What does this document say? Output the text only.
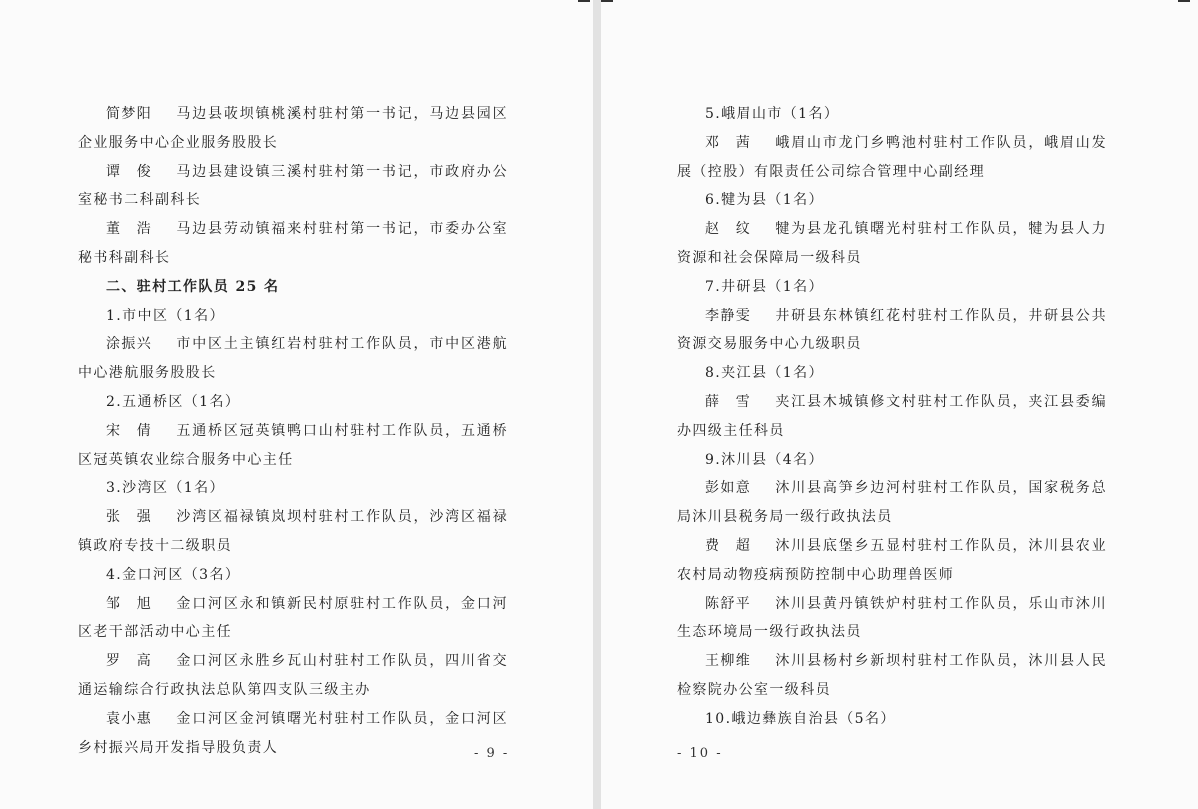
简梦阳 马边县荍坝镇桃溪村驻村第一书记，马边县园区企业服务中心企业服务股股长

谭　俊 马边县建设镇三溪村驻村第一书记，市政府办公室秘书二科副科长

董　浩 马边县劳动镇福来村驻村第一书记，市委办公室秘书科副科长

二、驻村工作队员 25 名

1.市中区（1名）

涂振兴 市中区土主镇红岩村驻村工作队员，市中区港航中心港航服务股股长

2.五通桥区（1名）

宋　倩 五通桥区冠英镇鸭口山村驻村工作队员，五通桥区冠英镇农业综合服务中心主任

3.沙湾区（1名）

张　强 沙湾区福禄镇岚坝村驻村工作队员，沙湾区福禄镇政府专技十二级职员

4.金口河区（3名）

邹　旭 金口河区永和镇新民村原驻村工作队员，金口河区老干部活动中心主任

罗　高 金口河区永胜乡瓦山村驻村工作队员，四川省交通运输综合行政执法总队第四支队三级主办

袁小惠 金口河区金河镇曙光村驻村工作队员，金口河区乡村振兴局开发指导股负责人	- 9 -

5.峨眉山市（1名）

邓　茜 峨眉山市龙门乡鸭池村驻村工作队员，峨眉山发展（控股）有限责任公司综合管理中心副经理

6.犍为县（1名）

赵　纹 犍为县龙孔镇曙光村驻村工作队员，犍为县人力资源和社会保障局一级科员

7.井研县（1名）

李静雯 井研县东林镇红花村驻村工作队员，井研县公共资源交易服务中心九级职员

8.夹江县（1名）

薛　雪 夹江县木城镇修文村驻村工作队员，夹江县委编办四级主任科员

9.沐川县（4名）

彭如意 沐川县高笋乡边河村驻村工作队员，国家税务总局沐川县税务局一级行政执法员

费　超 沐川县底堡乡五显村驻村工作队员，沐川县农业农村局动物疫病预防控制中心助理兽医师

陈舒平 沐川县黄丹镇铁炉村驻村工作队员，乐山市沐川生态环境局一级行政执法员

王柳维 沐川县杨村乡新坝村驻村工作队员，沐川县人民检察院办公室一级科员

10.峨边彝族自治县（5名）

- 10 -
